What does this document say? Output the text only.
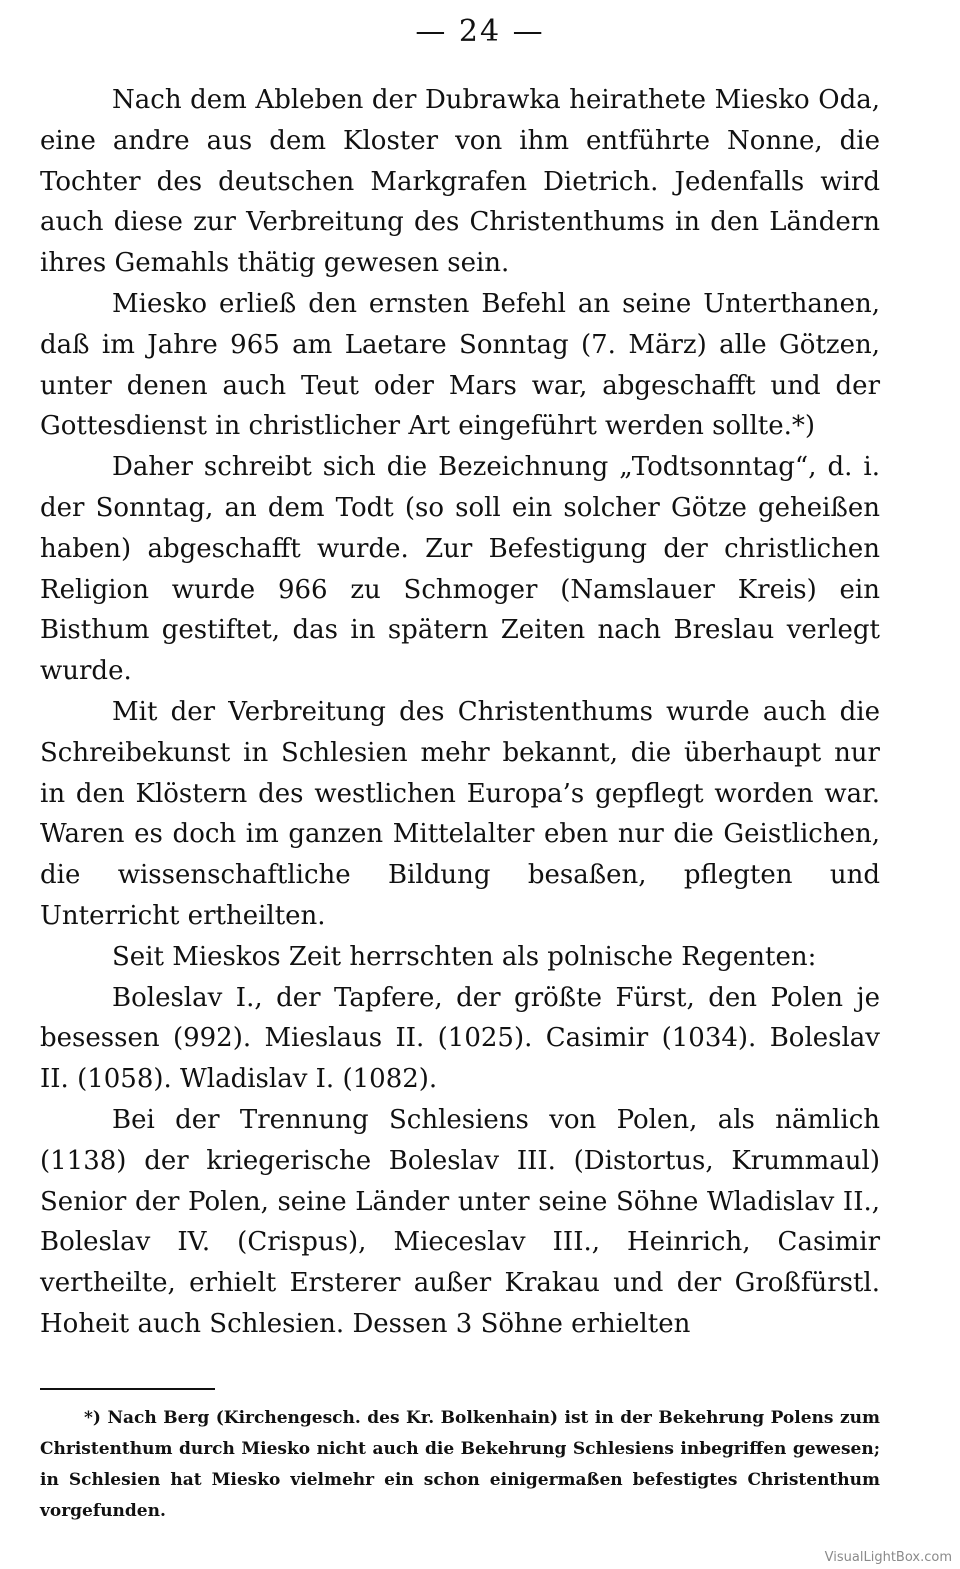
— 24 —

Nach dem Ableben der Dubrawka heirathete Miesko Oda, eine andre aus dem Kloster von ihm entführte Nonne, die Tochter des deutschen Markgrafen Dietrich. Jedenfalls wird auch diese zur Verbreitung des Christenthums in den Ländern ihres Gemahls thätig gewesen sein.

Miesko erließ den ernsten Befehl an seine Unterthanen, daß im Jahre 965 am Laetare Sonntag (7. März) alle Götzen, unter denen auch Teut oder Mars war, abgeschafft und der Gottesdienst in christlicher Art eingeführt werden sollte.*)

Daher schreibt sich die Bezeichnung „Todtsonntag“, d. i. der Sonntag, an dem Todt (so soll ein solcher Götze geheißen haben) abgeschafft wurde. Zur Befestigung der christlichen Religion wurde 966 zu Schmoger (Namslauer Kreis) ein Bisthum gestiftet, das in spätern Zeiten nach Breslau verlegt wurde.

Mit der Verbreitung des Christenthums wurde auch die Schreibekunst in Schlesien mehr bekannt, die überhaupt nur in den Klöstern des westlichen Europa’s gepflegt worden war. Waren es doch im ganzen Mittelalter eben nur die Geistlichen, die wissenschaftliche Bildung besaßen, pflegten und Unterricht ertheilten.

Seit Mieskos Zeit herrschten als polnische Regenten:

Boleslav I., der Tapfere, der größte Fürst, den Polen je besessen (992). Mieslaus II. (1025). Casimir (1034). Boleslav II. (1058). Wladislav I. (1082).

Bei der Trennung Schlesiens von Polen, als nämlich (1138) der kriegerische Boleslav III. (Distortus, Krummaul) Senior der Polen, seine Länder unter seine Söhne Wladislav II., Boleslav IV. (Crispus), Mieceslav III., Heinrich, Casimir vertheilte, erhielt Ersterer außer Krakau und der Großfürstl. Hoheit auch Schlesien. Dessen 3 Söhne erhielten

*) Nach Berg (Kirchengesch. des Kr. Bolkenhain) ist in der Bekehrung Polens zum Christenthum durch Miesko nicht auch die Bekehrung Schlesiens inbegriffen gewesen; in Schlesien hat Miesko vielmehr ein schon einigermaßen befestigtes Christenthum vorgefunden.

VisualLightBox.com
